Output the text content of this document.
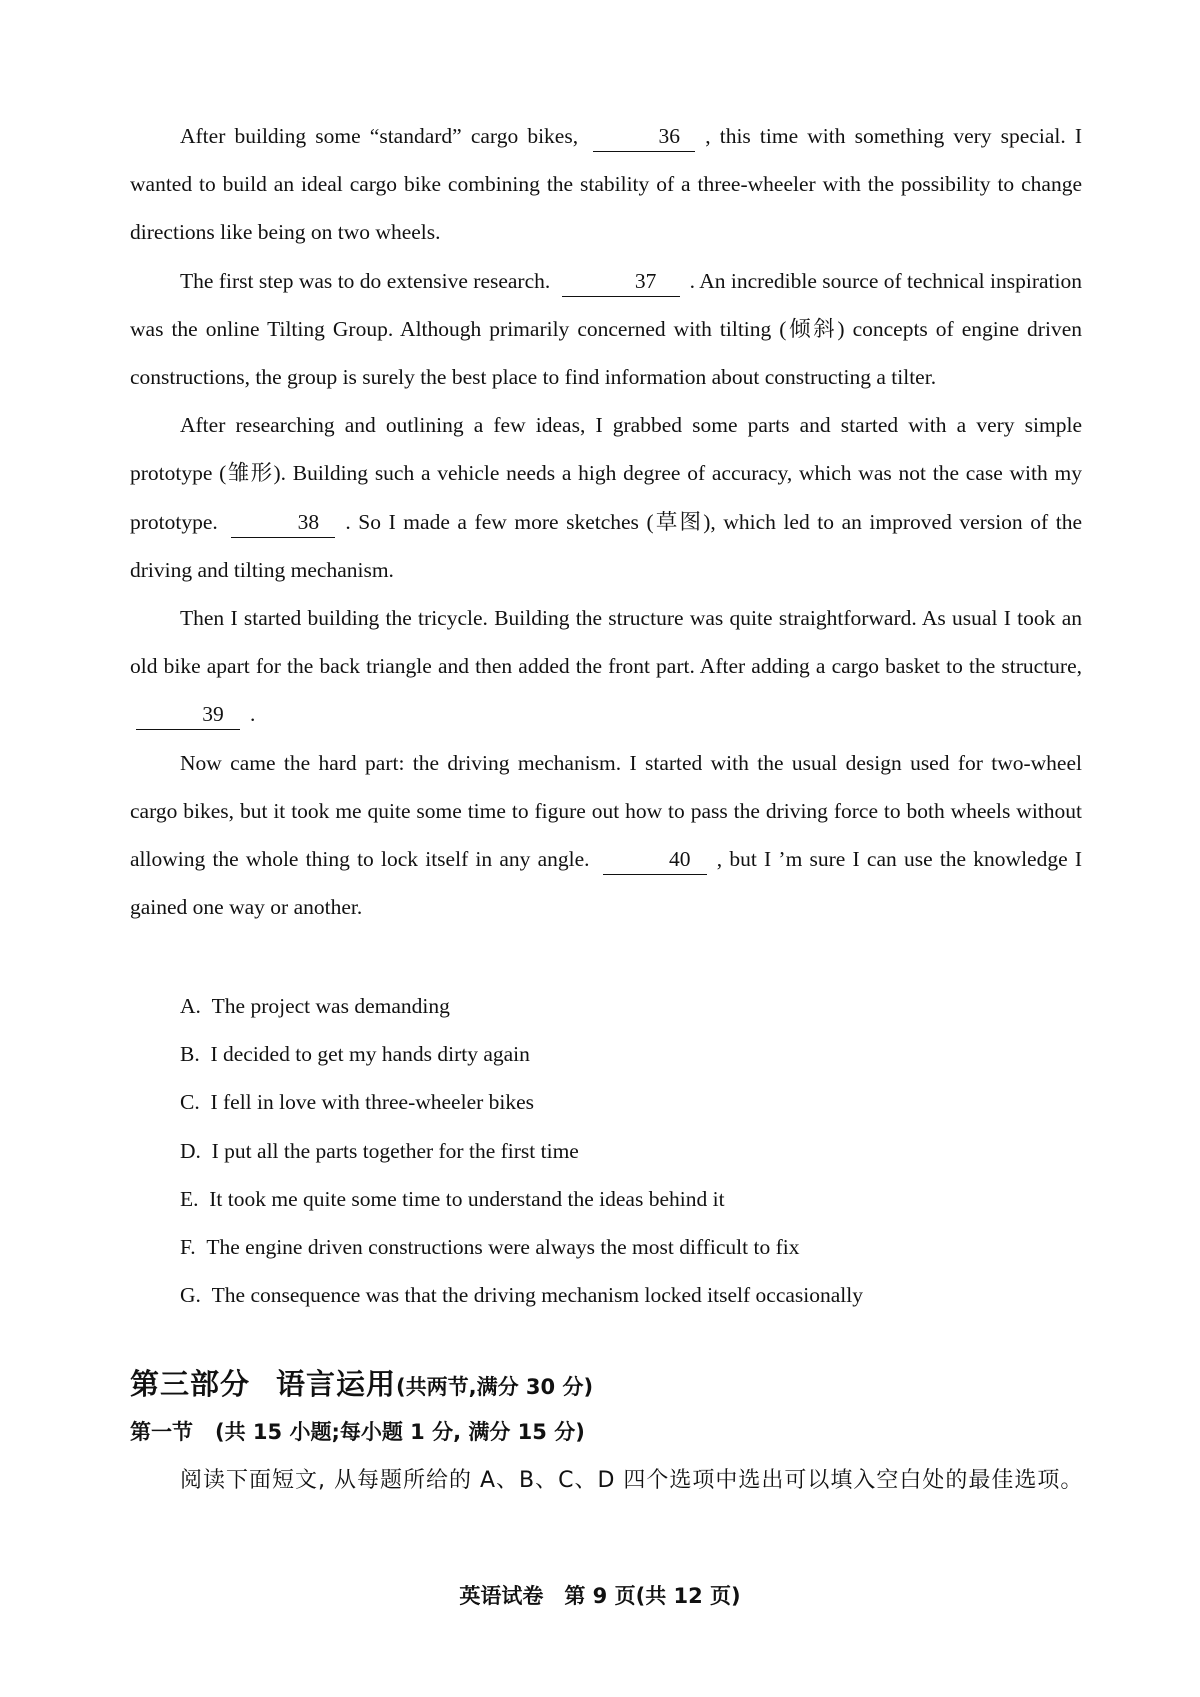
After building some “standard” cargo bikes,	36 , this time with something very special. I wanted to build an ideal cargo bike combining the stability of a three-wheeler with the possibility to change directions like being on two wheels.

The first step was to do extensive research.	37 . An incredible source of technical inspiration was the online Tilting Group. Although primarily concerned with tilting (倾斜) concepts of engine driven constructions, the group is surely the best place to find information about constructing a tilter.

After researching and outlining a few ideas, I grabbed some parts and started with a very simple prototype (雏形). Building such a vehicle needs a high degree of accuracy, which was not the case with my prototype.	38 . So I made a few more sketches (草图), which led to an improved version of the driving and tilting mechanism.

Then I started building the tricycle. Building the structure was quite straightforward. As usual I took an old bike apart for the back triangle and then added the front part. After adding a cargo basket to the structure, 39 .

Now came the hard part: the driving mechanism. I started with the usual design used for two-wheel cargo bikes, but it took me quite some time to figure out how to pass the driving force to both wheels without allowing the whole thing to lock itself in any angle.	40 , but I ’m sure I can use the knowledge I gained one way or another.

A. The project was demanding

B. I decided to get my hands dirty again

C. I fell in love with three-wheeler bikes

D. I put all the parts together for the first time

E. It took me quite some time to understand the ideas behind it

F. The engine driven constructions were always the most difficult to fix

G. The consequence was that the driving mechanism locked itself occasionally

第三部分 语言运用(共两节,满分 30 分)
第一节 (共 15 小题;每小题 1 分, 满分 15 分)

阅读下面短文, 从每题所给的 A、B、C、D 四个选项中选出可以填入空白处的最佳选项。

英语试卷　第 9 页(共 12 页)
